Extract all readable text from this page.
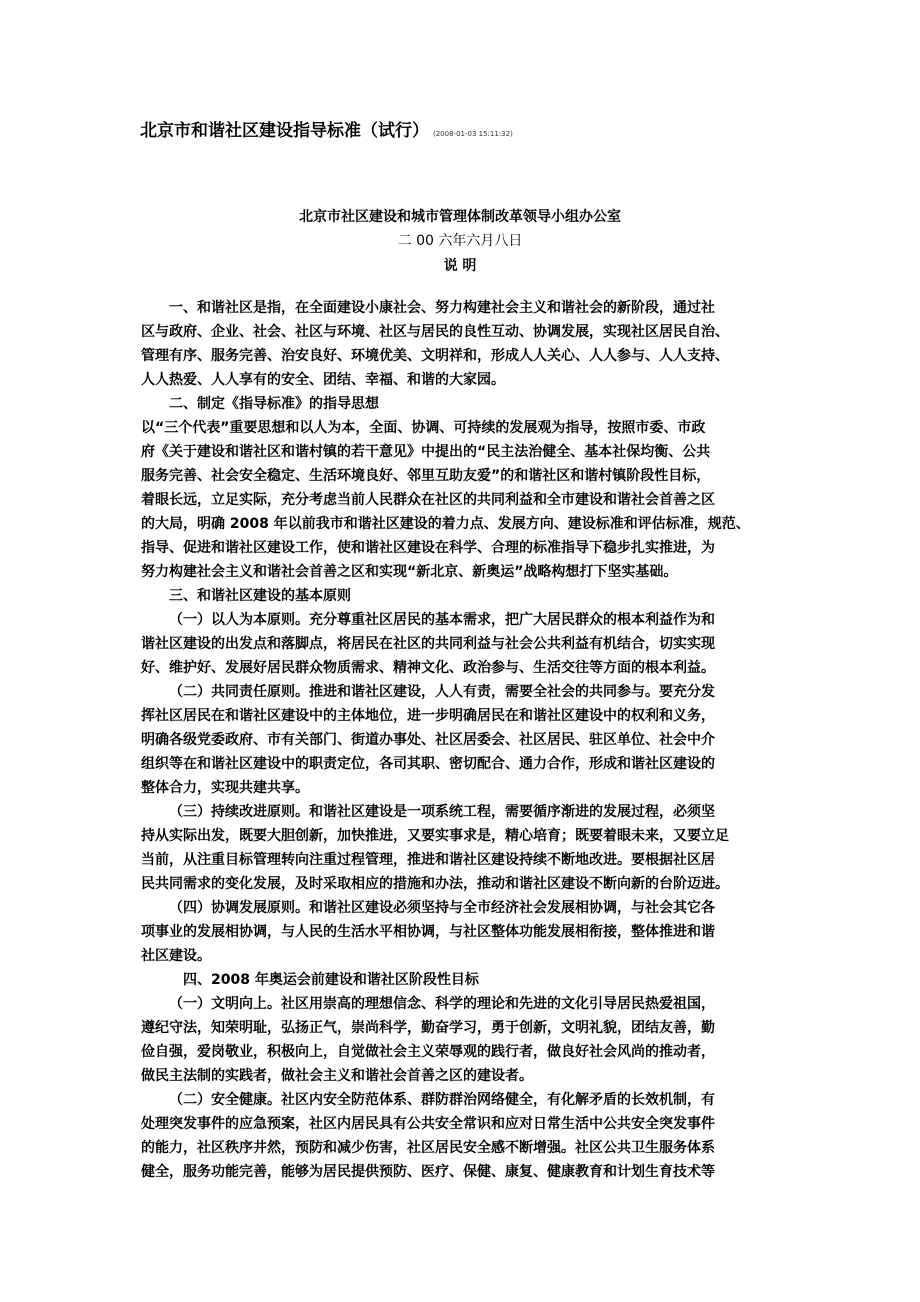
北京市和谐社区建设指导标准（试行） (2008-01-03 15:11:32)
北京市社区建设和城市管理体制改革领导小组办公室
二 00 六年六月八日
说 明

一、和谐社区是指，在全面建设小康社会、努力构建社会主义和谐社会的新阶段，通过社

区与政府、企业、社会、社区与环境、社区与居民的良性互动、协调发展，实现社区居民自治、

管理有序、服务完善、治安良好、环境优美、文明祥和，形成人人关心、人人参与、人人支持、

人人热爱、人人享有的安全、团结、幸福、和谐的大家园。

二、制定《指导标准》的指导思想

以“三个代表”重要思想和以人为本，全面、协调、可持续的发展观为指导，按照市委、市政

府《关于建设和谐社区和谐村镇的若干意见》中提出的“民主法治健全、基本社保均衡、公共

服务完善、社会安全稳定、生活环境良好、邻里互助友爱”的和谐社区和谐村镇阶段性目标，

着眼长远，立足实际，充分考虑当前人民群众在社区的共同利益和全市建设和谐社会首善之区

的大局，明确 2008 年以前我市和谐社区建设的着力点、发展方向、建设标准和评估标准，规范、

指导、促进和谐社区建设工作，使和谐社区建设在科学、合理的标准指导下稳步扎实推进，为

努力构建社会主义和谐社会首善之区和实现“新北京、新奥运”战略构想打下坚实基础。

三、和谐社区建设的基本原则

（一）以人为本原则。充分尊重社区居民的基本需求，把广大居民群众的根本利益作为和

谐社区建设的出发点和落脚点，将居民在社区的共同利益与社会公共利益有机结合，切实实现

好、维护好、发展好居民群众物质需求、精神文化、政治参与、生活交往等方面的根本利益。

（二）共同责任原则。推进和谐社区建设，人人有责，需要全社会的共同参与。要充分发

挥社区居民在和谐社区建设中的主体地位，进一步明确居民在和谐社区建设中的权利和义务，

明确各级党委政府、市有关部门、街道办事处、社区居委会、社区居民、驻区单位、社会中介

组织等在和谐社区建设中的职责定位，各司其职、密切配合、通力合作，形成和谐社区建设的

整体合力，实现共建共享。

（三）持续改进原则。和谐社区建设是一项系统工程，需要循序渐进的发展过程，必须坚

持从实际出发，既要大胆创新，加快推进，又要实事求是，精心培育；既要着眼未来，又要立足

当前，从注重目标管理转向注重过程管理，推进和谐社区建设持续不断地改进。要根据社区居

民共同需求的变化发展，及时采取相应的措施和办法，推动和谐社区建设不断向新的台阶迈进。

（四）协调发展原则。和谐社区建设必须坚持与全市经济社会发展相协调，与社会其它各

项事业的发展相协调，与人民的生活水平相协调，与社区整体功能发展相衔接，整体推进和谐

社区建设。

四、2008 年奥运会前建设和谐社区阶段性目标

（一）文明向上。社区用崇高的理想信念、科学的理论和先进的文化引导居民热爱祖国，

遵纪守法，知荣明耻，弘扬正气，崇尚科学，勤奋学习，勇于创新，文明礼貌，团结友善，勤

俭自强，爱岗敬业，积极向上，自觉做社会主义荣辱观的践行者，做良好社会风尚的推动者，

做民主法制的实践者，做社会主义和谐社会首善之区的建设者。

（二）安全健康。社区内安全防范体系、群防群治网络健全，有化解矛盾的长效机制，有

处理突发事件的应急预案，社区内居民具有公共安全常识和应对日常生活中公共安全突发事件

的能力，社区秩序井然，预防和减少伤害，社区居民安全感不断增强。社区公共卫生服务体系

健全，服务功能完善，能够为居民提供预防、医疗、保健、康复、健康教育和计划生育技术等
